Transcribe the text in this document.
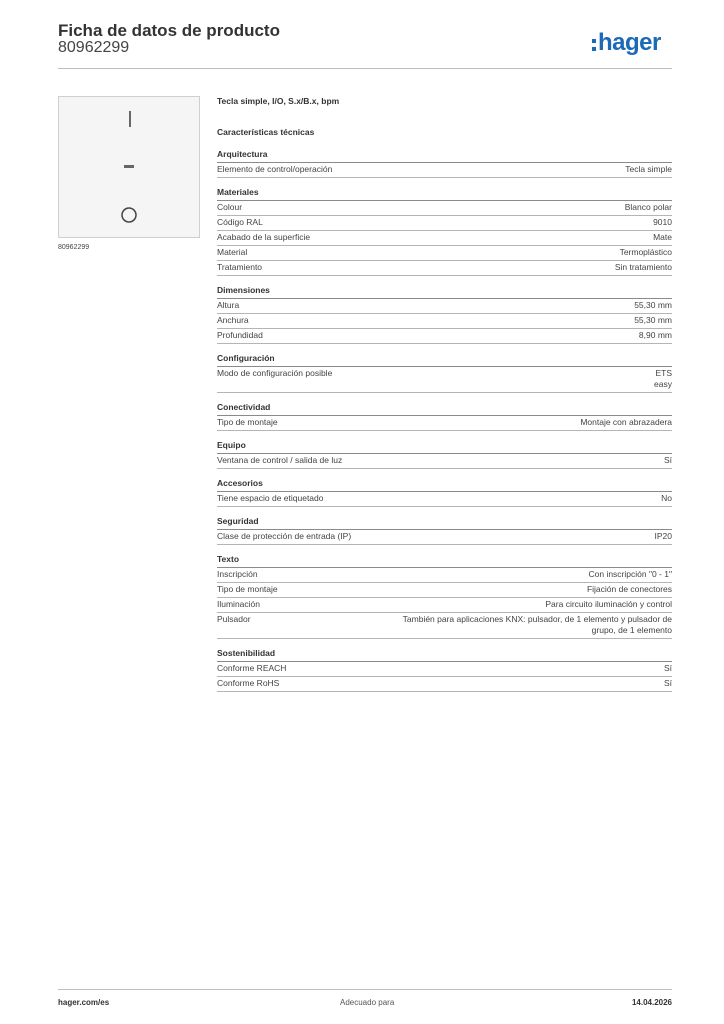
Ficha de datos de producto
80962299	hager
80962299
Tecla simple, I/O, S.x/B.x, bpm
Características técnicas
Arquitectura
Elemento de control/operación	Tecla simple
Materiales
Colour	Blanco polar
Código RAL	9010
Acabado de la superficie	Mate
Material	Termoplástico
Tratamiento	Sin tratamiento
Dimensiones
Altura	55,30 mm
Anchura	55,30 mm
Profundidad	8,90 mm
Configuración
Modo de configuración posible	ETS
easy
Conectividad
Tipo de montaje	Montaje con abrazadera
Equipo
Ventana de control / salida de luz	Sí
Accesorios
Tiene espacio de etiquetado	No
Seguridad
Clase de protección de entrada (IP)	IP20
Texto
Inscripción	Con inscripción "0 - 1"
Tipo de montaje	Fijación de conectores
Iluminación	Para circuito iluminación y control
Pulsador	También para aplicaciones KNX: pulsador, de 1 elemento y pulsador de
grupo, de 1 elemento
Sostenibilidad
Conforme REACH	Sí
Conforme RoHS	Sí
hager.com/es	Adecuado para	14.04.2026
